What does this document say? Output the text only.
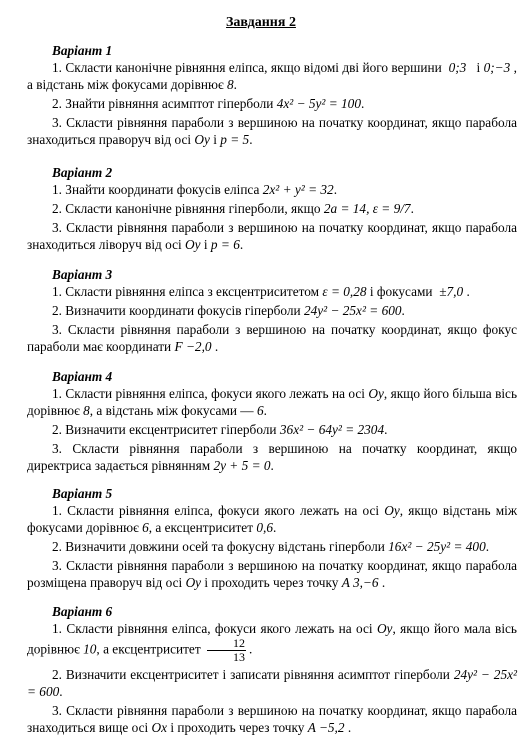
Завдання 2
Варіант 1

1. Скласти канонічне рівняння еліпса, якщо відомі дві його вершини 0;3 і 0;−3 , а відстань між фокусами дорівнює 8.

2. Знайти рівняння асимптот гіперболи 4x² − 5y² = 100.

3. Скласти рівняння параболи з вершиною на початку координат, якщо парабола знаходиться праворуч від осі Oy і p = 5.

Варіант 2

1. Знайти координати фокусів еліпса 2x² + y² = 32.

2. Скласти канонічне рівняння гіперболи, якщо 2a = 14, ε = 9/7.

3. Скласти рівняння параболи з вершиною на початку координат, якщо парабола знаходиться ліворуч від осі Oy і p = 6.

Варіант 3

1. Скласти рівняння еліпса з ексцентриситетом ε = 0,28 і фокусами ±7,0 .

2. Визначити координати фокусів гіперболи 24y² − 25x² = 600.

3. Скласти рівняння параболи з вершиною на початку координат, якщо фокус параболи має координати F −2,0 .

Варіант 4

1. Скласти рівняння еліпса, фокуси якого лежать на осі Oy, якщо його більша вісь дорівнює 8, а відстань між фокусами — 6.

2. Визначити ексцентриситет гіперболи 36x² − 64y² = 2304.

3. Скласти рівняння параболи з вершиною на початку координат, якщо директриса задається рівнянням 2y + 5 = 0.

Варіант 5

1. Скласти рівняння еліпса, фокуси якого лежать на осі Oy, якщо відстань між фокусами дорівнює 6, а ексцентриситет 0,6.

2. Визначити довжини осей та фокусну відстань гіперболи 16x² − 25y² = 400.

3. Скласти рівняння параболи з вершиною на початку координат, якщо парабола розміщена праворуч від осі Oy і проходить через точку A 3,−6 .

Варіант 6

1. Скласти рівняння еліпса, фокуси якого лежать на осі Oy, якщо його мала вісь дорівнює 10, а ексцентриситет $\frac{12}{13}$ .

2. Визначити ексцентриситет і записати рівняння асимптот гіперболи 24y² − 25x² = 600.

3. Скласти рівняння параболи з вершиною на початку координат, якщо парабола знаходиться вище осі Ox і проходить через точку A −5,2 .
